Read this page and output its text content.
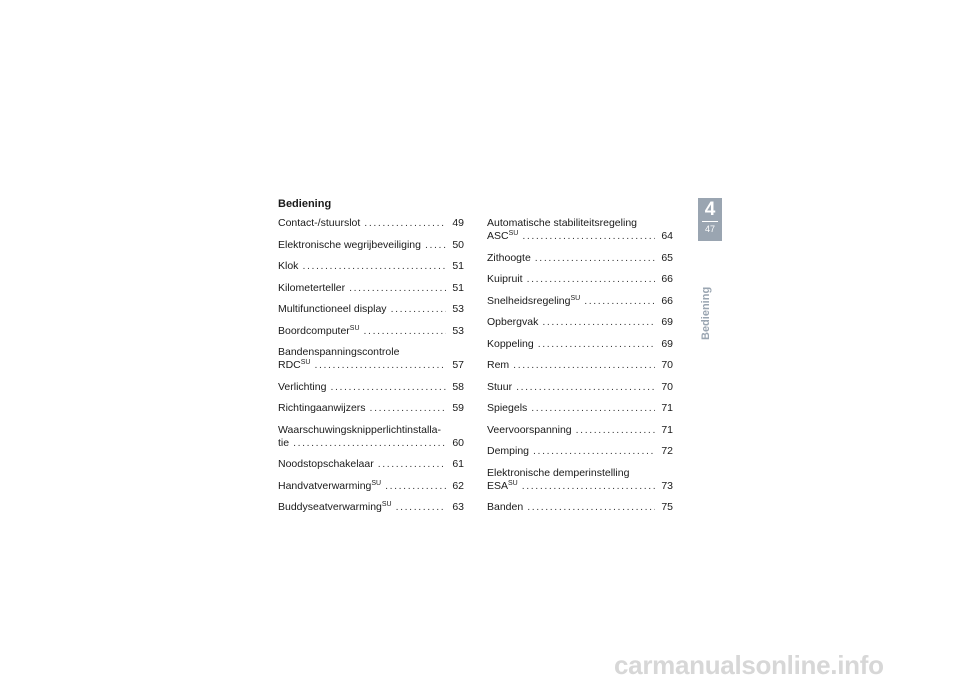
Bediening
Contact-/stuurslot .....	49
Elektronische wegrijbeveiliging .....	50
Klok .....	51
Kilometerteller .....	51
Multifunctioneel display .....	53
Boordcomputer$^{SU}$ .....	53
Bandenspanningscontrole
$RDC^{SU}$ .....	57
Verlichting .....	58
Richtingaanwijzers .....	59
Waarschuwingsknipperlichtinstalla-
tie .....	60
Noodstopschakelaar .....	61
Handvatverwarming$^{SU}$ .....	62
Buddyseatverwarming$^{SU}$ .....	63
Automatische stabiliteitsregeling
$ASC^{SU}$ .....	64
Zithoogte .....	65
Kuipruit .....	66
Snelheidsregeling$^{SU}$ .....	66
Opbergvak .....	69
Koppeling .....	69
Rem .....	70
Stuur .....	70
Spiegels .....	71
Veervoorspanning .....	71
Demping .....	72
Elektronische demperinstelling
$ESA^{SU}$ .....	73
Banden .....	75
4
47
Bediening
carmanualsonline.info
